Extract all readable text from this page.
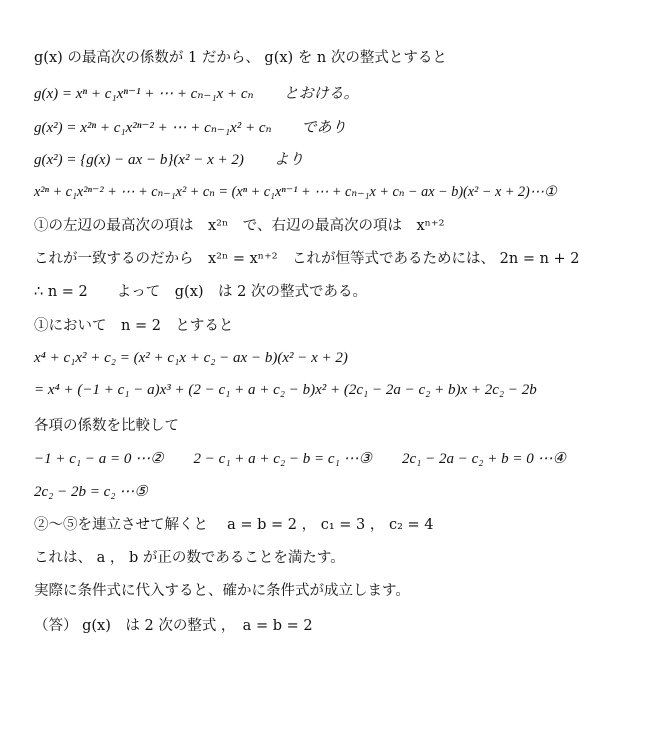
g(x) の最高次の係数が 1 だから、 g(x) を n 次の整式とすると
g(x) = xⁿ + c₁xⁿ⁻¹ + ⋯ + cₙ₋₁x + cₙ　　とおける。
g(x²) = x²ⁿ + c₁x²ⁿ⁻² + ⋯ + cₙ₋₁x² + cₙ　　であり
g(x²) = {g(x) − ax − b}(x² − x + 2)　　より
x²ⁿ + c₁x²ⁿ⁻² + ⋯ + cₙ₋₁x² + cₙ = (xⁿ + c₁xⁿ⁻¹ + ⋯ + cₙ₋₁x + cₙ − ax − b)(x² − x + 2)⋯①
①の左辺の最高次の項は　x²ⁿ　で、右辺の最高次の項は　xⁿ⁺²
これが一致するのだから　x²ⁿ = xⁿ⁺²　これが恒等式であるためには、 2n = n + 2
∴ n = 2　　よって　g(x)　は 2 次の整式である。
①において　n = 2　とすると
x⁴ + c₁x² + c₂ = (x² + c₁x + c₂ − ax − b)(x² − x + 2)
= x⁴ + (−1 + c₁ − a)x³ + (2 − c₁ + a + c₂ − b)x² + (2c₁ − 2a − c₂ + b)x + 2c₂ − 2b
各項の係数を比較して
−1 + c₁ − a = 0 ⋯②　　2 − c₁ + a + c₂ − b = c₁ ⋯③　　2c₁ − 2a − c₂ + b = 0 ⋯④
2c₂ − 2b = c₂ ⋯⑤
②～⑤を連立させて解くと　 a = b = 2 ， c₁ = 3 ， c₂ = 4
これは、 a ， b が正の数であることを満たす。
実際に条件式に代入すると、確かに条件式が成立します。
（答） g(x)　は 2 次の整式 ，　a = b = 2
